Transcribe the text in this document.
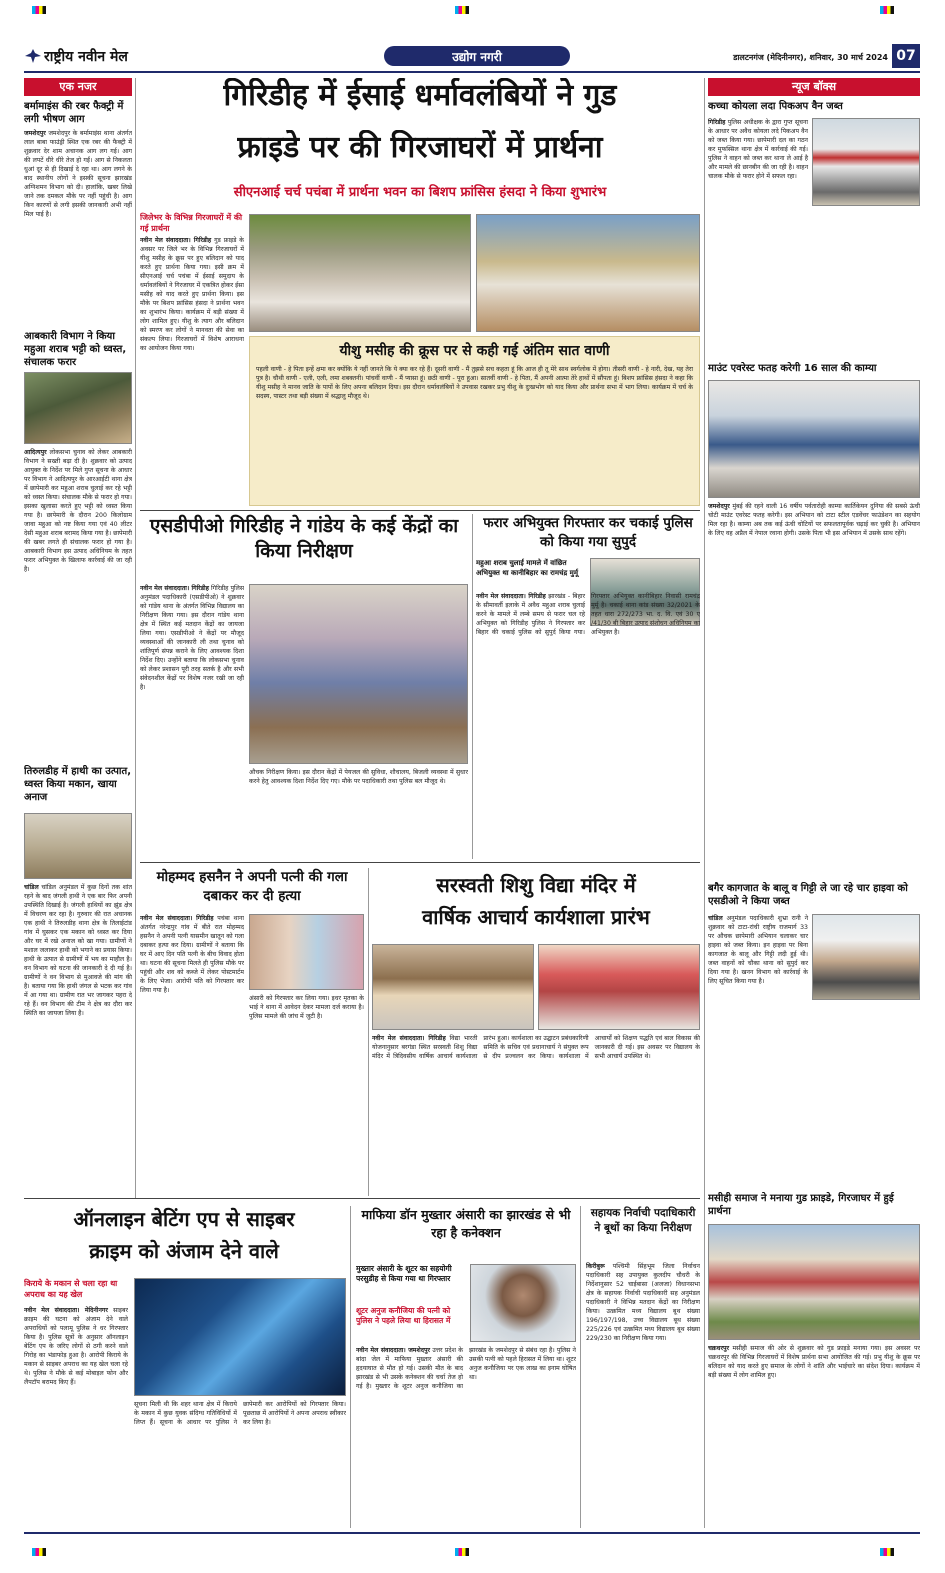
राष्ट्रीय नवीन मेल	उद्योग नगरी	डालटनगंज (मेदिनीनगर), शनिवार, 30 मार्च 2024 07
एक नजर
बर्मामाइंस की रबर फैक्ट्री में लगी भीषण आग
जमशेदपुर जमशेदपुर के बर्मामाइंस थाना अंतर्गत लाल बाबा फाउंड्री स्थित एक रबर की फैक्ट्री में शुक्रवार देर शाम अचानक आग लग गई। आग की लपटें धीरे धीरे तेज हो गईं। आग से निकलता धुआं दूर से ही दिखाई दे रहा था। आग लगने के बाद स्थानीय लोगों ने इसकी सूचना झारखंड अग्निशमन विभाग को दी। हालांकि, खबर लिखे जाने तक दमकल मौके पर नहीं पहुंची है। आग किन कारणों से लगी इसकी जानकारी अभी नहीं मिल पाई है।
आबकारी विभाग ने किया महुआ शराब भट्टी को ध्वस्त, संचालक फरार
आदित्यपुर लोकसभा चुनाव को लेकर आबकारी विभाग ने सख्ती बढ़ा दी है। शुक्रवार को उत्पाद आयुक्त के निर्देश पर मिले गुप्त सूचना के आधार पर विभाग ने आदित्यपुर के आरआईटी थाना क्षेत्र में छापेमारी कर महुआ शराब चुलाई कर रहे भट्टी को ध्वस्त किया। संचालक मौके से फरार हो गया। इसका खुलासा करते हुए भट्टी को ध्वस्त किया गया है। छापेमारी के दौरान 200 किलोग्राम जावा महुआ को नष्ट किया गया एवं 40 लीटर देसी महुआ शराब बरामद किया गया है। छापेमारी की खबर लगते ही संचालक फरार हो गया है। आबकारी विभाग इस उत्पाद अधिनियम के तहत फरार अभियुक्त के खिलाफ कार्रवाई की जा रही है।
तिरुलडीह में हाथी का उत्पात, ध्वस्त किया मकान, खाया अनाज
चांडिल चांडिल अनुमंडल में कुछ दिनों तक शांत रहने के बाद जंगली हाथी ने एक बार फिर अपनी उपस्थिति दिखाई है। जंगली हाथियों का झुंड क्षेत्र में विचरण कर रहा है। गुरुवार की रात अचानक एक हाथी ने तिरुलडीह थाना क्षेत्र के तिलाईटांड गांव में घुसकर एक मकान को ध्वस्त कर दिया और घर में रखे अनाज को खा गया। ग्रामीणों ने मशाल जलाकर हाथी को भगाने का प्रयास किया। हाथी के उत्पात से ग्रामीणों में भय का माहौल है। वन विभाग को घटना की जानकारी दे दी गई है। ग्रामीणों ने वन विभाग से मुआवजे की मांग की है। बताया गया कि हाथी जंगल से भटक कर गांव में आ गया था। ग्रामीण रात भर जागकर पहरा दे रहे हैं। वन विभाग की टीम ने क्षेत्र का दौरा कर स्थिति का जायजा लिया है।
गिरिडीह में ईसाई धर्मावलंबियों ने गुड
फ्राइडे पर की गिरजाघरों में प्रार्थना
सीएनआई चर्च पचंबा में प्रार्थना भवन का बिशप फ्रांसिस हंसदा ने किया शुभारंभ
जिलेभर के विभिन्न गिरजाघरों में की गई प्रार्थना
नवीन मेल संवाददाता। गिरिडीह गुड फ्राइडे के अवसर पर जिले भर के विभिन्न गिरजाघरों में यीशु मसीह के क्रूस पर हुए बलिदान को याद करते हुए प्रार्थना किया गया। इसी क्रम में सीएनआई चर्च पचंबा में ईसाई समुदाय के धर्मावलंबियों ने गिरजाघर में एकत्रित होकर ईसा मसीह को याद करते हुए प्रार्थना किया। इस मौके पर बिशप फ्रांसिस हंसदा ने प्रार्थना भवन का शुभारंभ किया। कार्यक्रम में बड़ी संख्या में लोग शामिल हुए। यीशु के त्याग और बलिदान को स्मरण कर लोगों ने मानवता की सेवा का संकल्प लिया। गिरजाघरों में विशेष आराधना का आयोजन किया गया।	यीशु मसीह की क्रूस पर से कही गई अंतिम सात वाणी
पहली वाणी - हे पिता इन्हें क्षमा कर क्योंकि ये नहीं जानते कि ये क्या कर रहे हैं। दूसरी वाणी - मैं तुझसे सच कहता हूं कि आज ही तू मेरे साथ स्वर्गलोक में होगा। तीसरी वाणी - हे नारी, देख, यह तेरा पुत्र है। चौथी वाणी - एली, एली, लमा शबक्तनी। पांचवीं वाणी - मैं प्यासा हूं। छठी वाणी - पूरा हुआ। सातवीं वाणी - हे पिता, मैं अपनी आत्मा तेरे हाथों में सौंपता हूं। बिशप फ्रांसिस हंसदा ने कहा कि यीशु मसीह ने मानव जाति के पापों के लिए अपना बलिदान दिया। इस दौरान धर्मावलंबियों ने उपवास रखकर प्रभु यीशु के दुःखभोग को याद किया और प्रार्थना सभा में भाग लिया। कार्यक्रम में चर्च के सदस्य, पास्टर तथा बड़ी संख्या में श्रद्धालु मौजूद थे।
एसडीपीओ गिरिडीह ने गांडेय के कई केंद्रों का किया निरीक्षण
नवीन मेल संवाददाता। गिरिडीह गिरिडीह पुलिस अनुमंडल पदाधिकारी (एसडीपीओ) ने शुक्रवार को गांडेय थाना के अंतर्गत विभिन्न विद्यालय का निरीक्षण किया गया। इस दौरान गांडेय थाना क्षेत्र में स्थित कई मतदान केंद्रों का जायजा लिया गया। एसडीपीओ ने केंद्रों पर मौजूद व्यवस्थाओं की जानकारी ली तथा चुनाव को शांतिपूर्ण संपन्न कराने के लिए आवश्यक दिशा निर्देश दिए। उन्होंने बताया कि लोकसभा चुनाव को लेकर प्रशासन पूरी तरह सतर्क है और सभी संवेदनशील केंद्रों पर विशेष नजर रखी जा रही है।
औचक निरीक्षण किया। इस दौरान केंद्रों में पेयजल की सुविधा, शौचालय, बिजली व्यवस्था में सुधार करने हेतु आवश्यक दिशा निर्देश दिए गए। मौके पर पदाधिकारी तथा पुलिस बल मौजूद थे।
फरार अभियुक्त गिरफ्तार कर चकाई पुलिस को किया गया सुपुर्द
महुआ शराब चुलाई मामले में वांछित अभियुक्त था कानीबिहार का रामचंद्र मुर्मू
नवीन मेल संवाददाता। गिरिडीह झारखंड - बिहार के सीमावर्ती इलाके में अवैध महुआ शराब चुलाई करने के मामले में लम्बे समय से फरार चल रहे अभियुक्त को गिरिडीह पुलिस ने गिरफ्तार कर बिहार की चकाई पुलिस को सुपुर्द किया गया। गिरफ्तार अभियुक्त कानीबिहार निवासी रामचंद्र मुर्मू है। चकाई थाना कांड संख्या 32/2021 के तहत धारा 272/273 भा. द. वि. एवं 30 ए /41/30 बी बिहार उत्पाद संशोधन अधिनियम का अभियुक्त है।
मोहम्मद हसनैन ने अपनी पत्नी की गला दबाकर कर दी हत्या
नवीन मेल संवाददाता। गिरिडीह पचंबा थाना अंतर्गत नरेन्द्रपुर गांव में बीते रात मोहम्मद हसनैन ने अपनी पत्नी यासमीन खातून को गला दबाकर हत्या कर दिया। ग्रामीणों ने बताया कि घर में आए दिन पति पत्नी के बीच विवाद होता था। घटना की सूचना मिलते ही पुलिस मौके पर पहुंची और शव को कब्जे में लेकर पोस्टमार्टम के लिए भेजा। आरोपी पति को गिरफ्तार कर लिया गया है।
अंसारी को गिरफ्तार कर लिया गया। इधर मृतका के भाई ने थाना में आवेदन देकर मामला दर्ज कराया है। पुलिस मामले की जांच में जुटी है।
सरस्वती शिशु विद्या मंदिर में
वार्षिक आचार्य कार्यशाला प्रारंभ
नवीन मेल संवाददाता। गिरिडीह विद्या भारती योजनानुसार बरगंडा स्थित सरस्वती शिशु विद्या मंदिर में त्रिदिवसीय वार्षिक आचार्य कार्यशाला प्रारंभ हुआ। कार्यशाला का उद्घाटन प्रबंधकारिणी समिति के सचिव एवं प्रधानाचार्य ने संयुक्त रूप से दीप प्रज्वलन कर किया। कार्यशाला में आचार्यों को शिक्षण पद्धति एवं बाल विकास की जानकारी दी गई। इस अवसर पर विद्यालय के सभी आचार्य उपस्थित थे।
ऑनलाइन बेटिंग एप से साइबर
क्राइम को अंजाम देने वाले
किराये के मकान से चला रहा था अपराध का यह खेल
नवीन मेल संवाददाता। मेदिनीनगर साइबर क्राइम की घटना को अंजाम देने वाले अपराधियों को पलामू पुलिस ने धर गिरफ्तार किया है। पुलिस सूत्रों के अनुसार ऑनलाइन बेटिंग एप के जरिए लोगों से ठगी करने वाले गिरोह का भंडाफोड़ हुआ है। आरोपी किराये के मकान से साइबर अपराध का यह खेल चला रहे थे। पुलिस ने मौके से कई मोबाइल फोन और लैपटॉप बरामद किए हैं।
सूचना मिली थी कि शहर थाना क्षेत्र में किराये के मकान में कुछ युवक संदिग्ध गतिविधियों में लिप्त हैं। सूचना के आधार पर पुलिस ने छापेमारी कर आरोपियों को गिरफ्तार किया। पूछताछ में आरोपियों ने अपना अपराध स्वीकार कर लिया है।
माफिया डॉन मुख्तार अंसारी का झारखंड से भी रहा है कनेक्शन
मुख्तार अंसारी के शूटर का सहयोगी परसुडीह से किया गया था गिरफ्तार
शूटर अनुज कनौजिया की पत्नी को पुलिस ने पहले लिया था हिरासत में
नवीन मेल संवाददाता। जमशेदपुर उत्तर प्रदेश के बांदा जेल में माफिया मुख्तार अंसारी की हृदयाघात से मौत हो गई। उसकी मौत के बाद झारखंड से भी उसके कनेक्शन की चर्चा तेज हो गई है। मुख्तार के शूटर अनुज कनौजिया का झारखंड के जमशेदपुर से संबंध रहा है। पुलिस ने उसकी पत्नी को पहले हिरासत में लिया था। शूटर अनुज कनौजिया पर एक लाख का इनाम घोषित था।
सहायक निर्वाची पदाधिकारी ने बूथों का किया निरीक्षण
किरीबुरू पश्चिमी सिंहभूम जिला निर्वाचन पदाधिकारी सह उपायुक्त कुलदीप चौधरी के निर्देशानुसार 52 चाईबासा (अजजा) विधानसभा क्षेत्र के सहायक निर्वाची पदाधिकारी सह अनुमंडल पदाधिकारी ने विभिन्न मतदान केंद्रों का निरीक्षण किया। उत्क्रमित मध्य विद्यालय बूथ संख्या 196/197/198, उच्च विद्यालय बूथ संख्या 225/226 एवं उत्क्रमित मध्य विद्यालय बूथ संख्या 229/230 का निरीक्षण किया गया।
न्यूज बॉक्स
कच्चा कोयला लदा पिकअप वैन जब्त
गिरिडीह पुलिस अधीक्षक के द्वारा गुप्त सूचना के आधार पर अवैध कोयला लदे पिकअप वैन को जब्त किया गया। छापेमारी दल का गठन कर मुफस्सिल थाना क्षेत्र में कार्रवाई की गई। पुलिस ने वाहन को जब्त कर थाना ले आई है और मामले की छानबीन की जा रही है। वाहन चालक मौके से फरार होने में सफल रहा।
माउंट एवरेस्ट फतह करेगी 16 साल की काम्या
जमशेदपुर मुंबई की रहने वाली 16 वर्षीय पर्वतारोही काम्या कार्तिकेयन दुनिया की सबसे ऊंची चोटी माउंट एवरेस्ट फतह करेगी। इस अभियान को टाटा स्टील एडवेंचर फाउंडेशन का सहयोग मिल रहा है। काम्या अब तक कई ऊंची चोटियों पर सफलतापूर्वक चढ़ाई कर चुकी है। अभियान के लिए वह अप्रैल में नेपाल रवाना होगी। उसके पिता भी इस अभियान में उसके साथ रहेंगे।
बगैर कागजात के बालू व गिट्टी ले जा रहे चार हाइवा को एसडीओ ने किया जब्त
चांडिल अनुमंडल पदाधिकारी शुभ्रा रानी ने शुक्रवार को टाटा-रांची राष्ट्रीय राजमार्ग 33 पर औचक छापेमारी अभियान चलाकर चार हाइवा को जब्त किया। इन हाइवा पर बिना कागजात के बालू और गिट्टी लदी हुई थी। जब्त वाहनों को चौका थाना को सुपुर्द कर दिया गया है। खनन विभाग को कार्रवाई के लिए सूचित किया गया है।
मसीही समाज ने मनाया गुड फ्राइडे, गिरजाघर में हुई प्रार्थना
चक्रधरपुर मसीही समाज की ओर से शुक्रवार को गुड फ्राइडे मनाया गया। इस अवसर पर चक्रधरपुर की विभिन्न गिरजाघरों में विशेष प्रार्थना सभा आयोजित की गई। प्रभु यीशु के क्रूस पर बलिदान को याद करते हुए समाज के लोगों ने शांति और भाईचारे का संदेश दिया। कार्यक्रम में बड़ी संख्या में लोग शामिल हुए।
